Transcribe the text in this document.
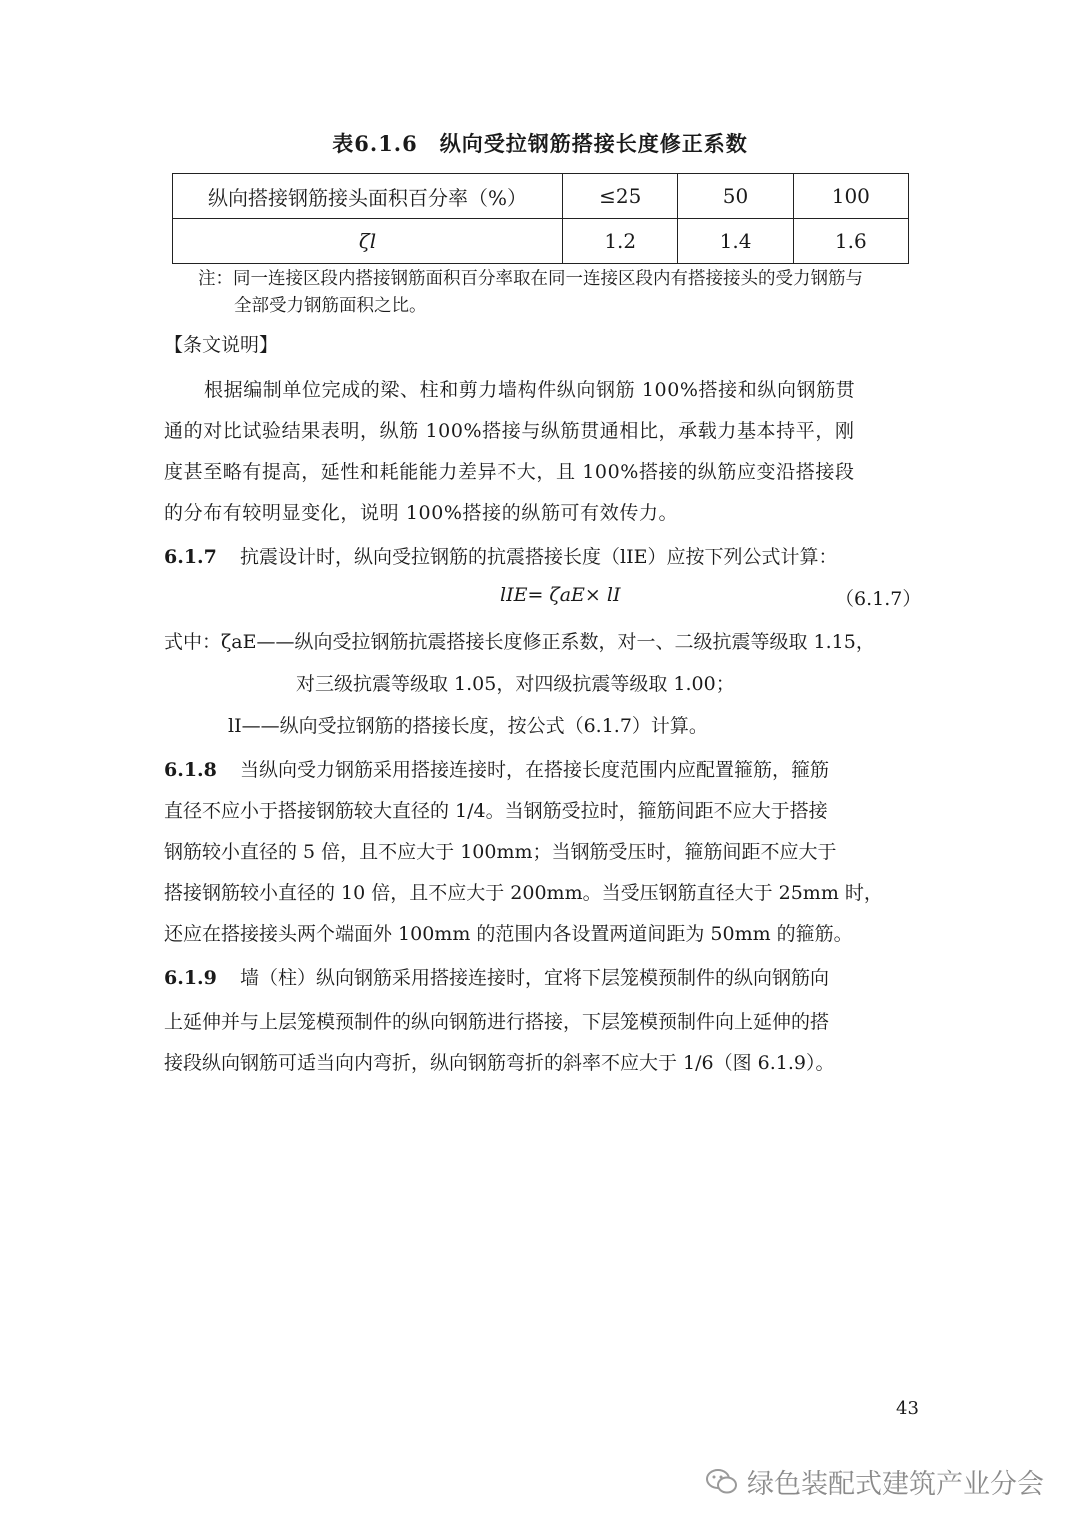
表6.1.6　纵向受拉钢筋搭接长度修正系数
纵向搭接钢筋接头面积百分率（%）	≤25	50	100
ζl	1.2	1.4	1.6
注：同一连接区段内搭接钢筋面积百分率取在同一连接区段内有搭接接头的受力钢筋与
全部受力钢筋面积之比。
【条文说明】
根据编制单位完成的梁、柱和剪力墙构件纵向钢筋 100%搭接和纵向钢筋贯
通的对比试验结果表明，纵筋 100%搭接与纵筋贯通相比，承载力基本持平，刚
度甚至略有提高，延性和耗能能力差异不大，且 100%搭接的纵筋应变沿搭接段
的分布有较明显变化，说明 100%搭接的纵筋可有效传力。
6.1.7 抗震设计时，纵向受拉钢筋的抗震搭接长度（lIE）应按下列公式计算：
lIE= ζaE× lI	（6.1.7）
式中：ζaE——纵向受拉钢筋抗震搭接长度修正系数，对一、二级抗震等级取 1.15，
对三级抗震等级取 1.05，对四级抗震等级取 1.00；
lI——纵向受拉钢筋的搭接长度，按公式（6.1.7）计算。
6.1.8 当纵向受力钢筋采用搭接连接时，在搭接长度范围内应配置箍筋，箍筋
直径不应小于搭接钢筋较大直径的 1/4。当钢筋受拉时，箍筋间距不应大于搭接
钢筋较小直径的 5 倍，且不应大于 100mm；当钢筋受压时，箍筋间距不应大于
搭接钢筋较小直径的 10 倍，且不应大于 200mm。当受压钢筋直径大于 25mm 时，
还应在搭接接头两个端面外 100mm 的范围内各设置两道间距为 50mm 的箍筋。
6.1.9 墙（柱）纵向钢筋采用搭接连接时，宜将下层笼模预制件的纵向钢筋向
上延伸并与上层笼模预制件的纵向钢筋进行搭接，下层笼模预制件向上延伸的搭
接段纵向钢筋可适当向内弯折，纵向钢筋弯折的斜率不应大于 1/6（图 6.1.9）。
43
绿色装配式建筑产业分会
